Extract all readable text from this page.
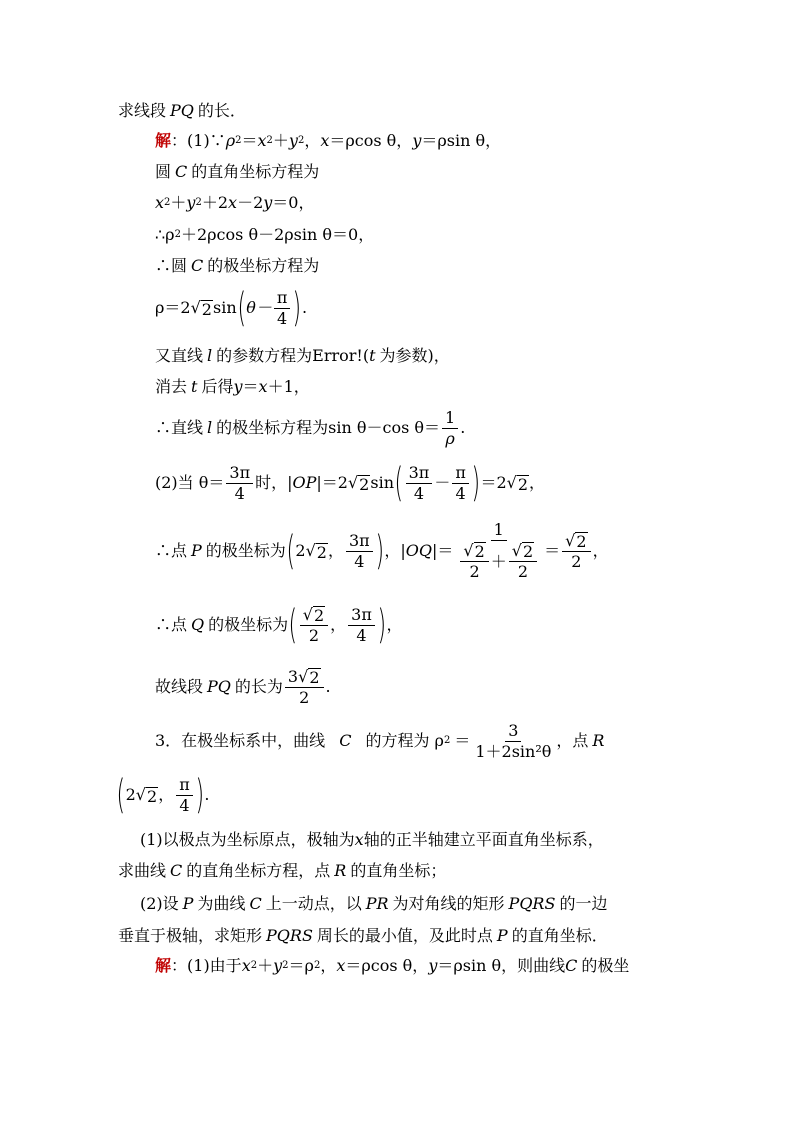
求线段 PQ 的长．
解 ：(1)∵ ρ 2 ＝ x 2 ＋ y 2 ， x ＝ρcos θ， y ＝ρsin θ，
圆 C 的直角坐标方程为
x 2 ＋ y 2 ＋2 x －2 y ＝0，
∴ρ 2 ＋2ρcos θ－2ρsin θ＝0，
∴圆 C 的极坐标方程为
ρ＝2 √ 2 sin ( $\theta- \frac{\pi}{4}$ ) .
又直线 l 的参数方程为Error!( t 为参数)，
消去 t 后得 y ＝ x ＋1，
∴直线 l 的极坐标方程为sin θ－cos $\theta= \frac{1}{\rho}$ .
(2)当 $\theta= \frac{3\pi}{4}$ 时，| OP |＝2 √ 2 sin ( $\frac{3\pi}{4} - \frac{\pi}{4}$ ) ＝2 √ 2 ，
∴点 P 的极坐标为 ( 2 √ 2 ， $\frac{3\pi}{4}$ ) ，| OQ |＝ $\frac{1}{\frac{√ 2}{2} + \frac{√ 2}{2}} = \frac{√ 2}{2}$ ，
∴点 Q 的极坐标为 ( $\frac{√ 2}{2}$ ， $\frac{3\pi}{4}$ ) ，
故线段 PQ 的长为 $\frac{3 √ 2}{2}$ .
3．在极坐标系中，曲线 C 的方程为 ρ $2 = \frac{3}{\text{1＋2sin²θ}}$ ，点 R
( 2 √ 2 ， $\frac{\pi}{4}$ ) .
(1)以极点为坐标原点，极轴为 x 轴的正半轴建立平面直角坐标系，
求曲线 C 的直角坐标方程，点 R 的直角坐标；
(2)设 P 为曲线 C 上一动点，以 PR 为对角线的矩形 PQRS 的一边
垂直于极轴，求矩形 PQRS 周长的最小值，及此时点 P 的直角坐标．
解 ：(1)由于 x 2 ＋ y 2 ＝ρ 2 ， x ＝ρcos θ， y ＝ρsin θ，则曲线 C 的极坐
